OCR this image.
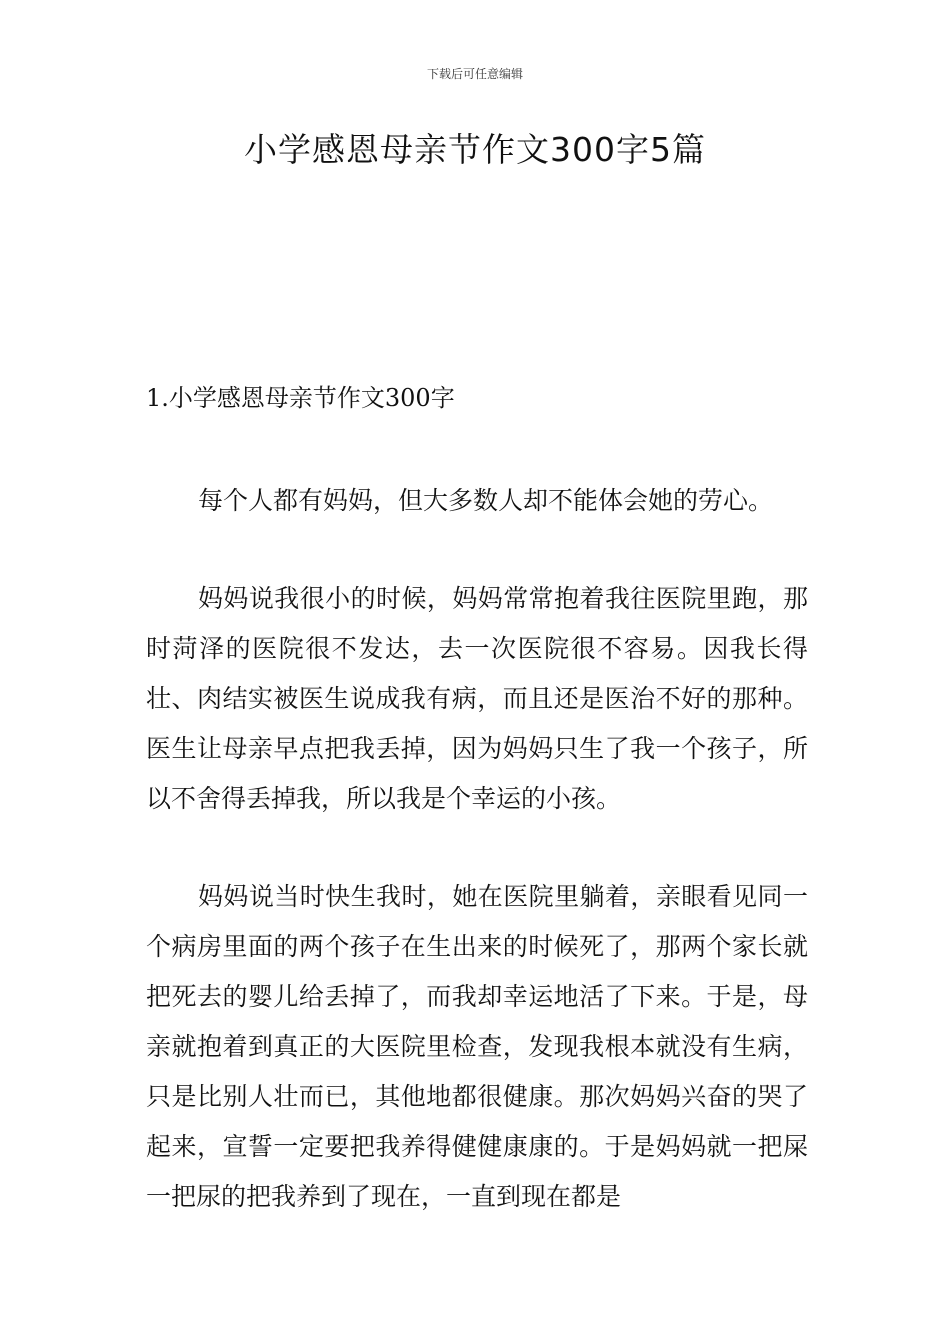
下载后可任意编辑
小学感恩母亲节作文300字5篇
1.小学感恩母亲节作文300字

每个人都有妈妈，但大多数人却不能体会她的劳心。

妈妈说我很小的时候，妈妈常常抱着我往医院里跑，那时菏泽的医院很不发达，去一次医院很不容易。因我长得壮、肉结实被医生说成我有病，而且还是医治不好的那种。医生让母亲早点把我丢掉，因为妈妈只生了我一个孩子，所以不舍得丢掉我，所以我是个幸运的小孩。

妈妈说当时快生我时，她在医院里躺着，亲眼看见同一个病房里面的两个孩子在生出来的时候死了，那两个家长就把死去的婴儿给丢掉了，而我却幸运地活了下来。于是，母亲就抱着到真正的大医院里检查，发现我根本就没有生病，只是比别人壮而已，其他地都很健康。那次妈妈兴奋的哭了起来，宣誓一定要把我养得健健康康的。于是妈妈就一把屎一把尿的把我养到了现在，一直到现在都是
